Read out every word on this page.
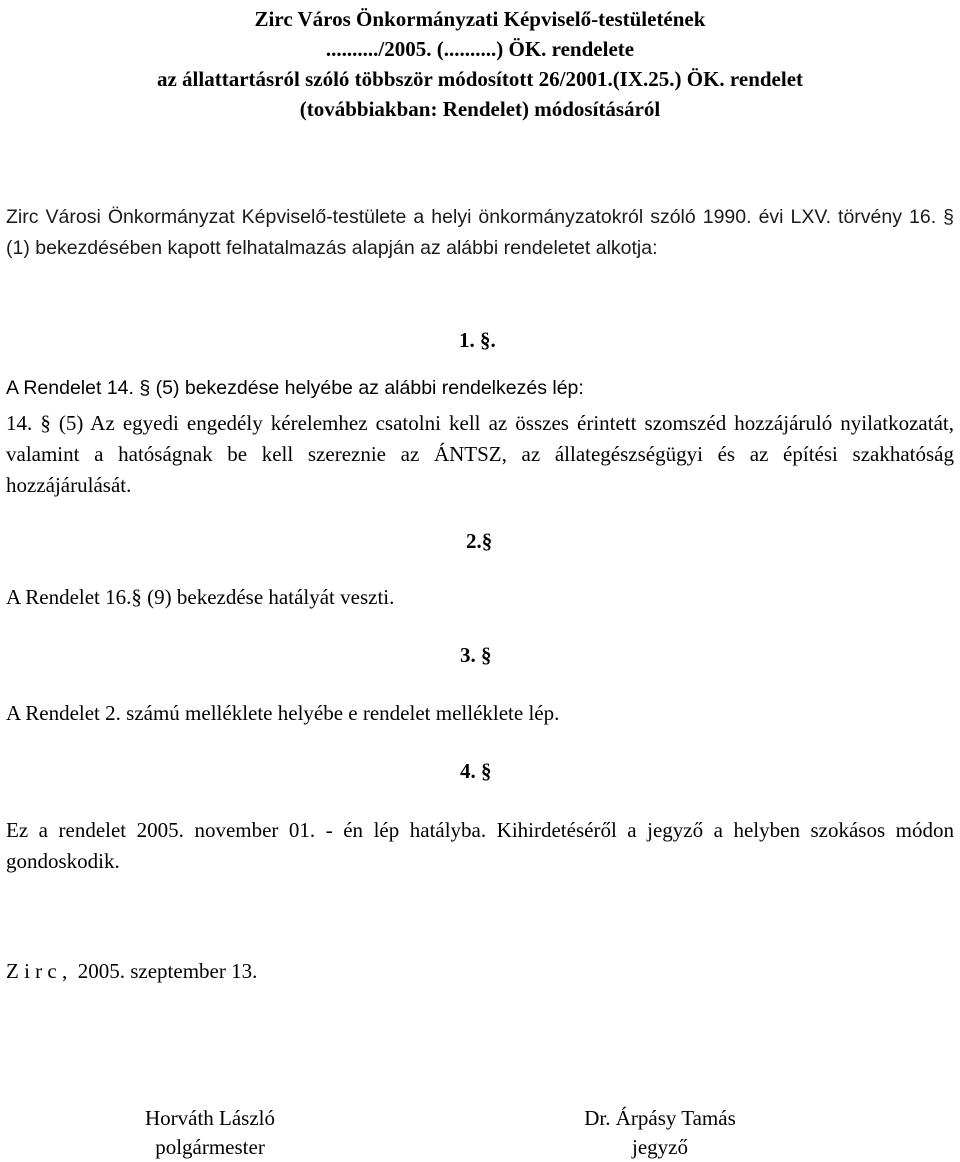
Zirc Város Önkormányzati Képviselő-testületének
........../2005. (..........) ÖK. rendelete
az állattartásról szóló többször módosított 26/2001.(IX.25.) ÖK. rendelet
(továbbiakban: Rendelet) módosításáról
Zirc Városi Önkormányzat Képviselő-testülete a helyi önkormányzatokról szóló 1990. évi LXV. törvény 16. § (1) bekezdésében kapott felhatalmazás alapján az alábbi rendeletet alkotja:
1. §.
A Rendelet 14. § (5) bekezdése helyébe az alábbi rendelkezés lép:
14. § (5) Az egyedi engedély kérelemhez csatolni kell az összes érintett szomszéd hozzájáruló nyilatkozatát, valamint a hatóságnak be kell szereznie az ÁNTSZ, az állategészségügyi és az építési szakhatóság hozzájárulását.
2.§
A Rendelet 16.§ (9) bekezdése hatályát veszti.
3. §
A Rendelet 2. számú melléklete helyébe e rendelet melléklete lép.
4. §
Ez a rendelet 2005. november 01. - én lép hatályba. Kihirdetéséről a jegyző a helyben szokásos módon gondoskodik.
Z i r c ,  2005. szeptember 13.
Horváth László
polgármester
Dr. Árpásy Tamás
jegyző
